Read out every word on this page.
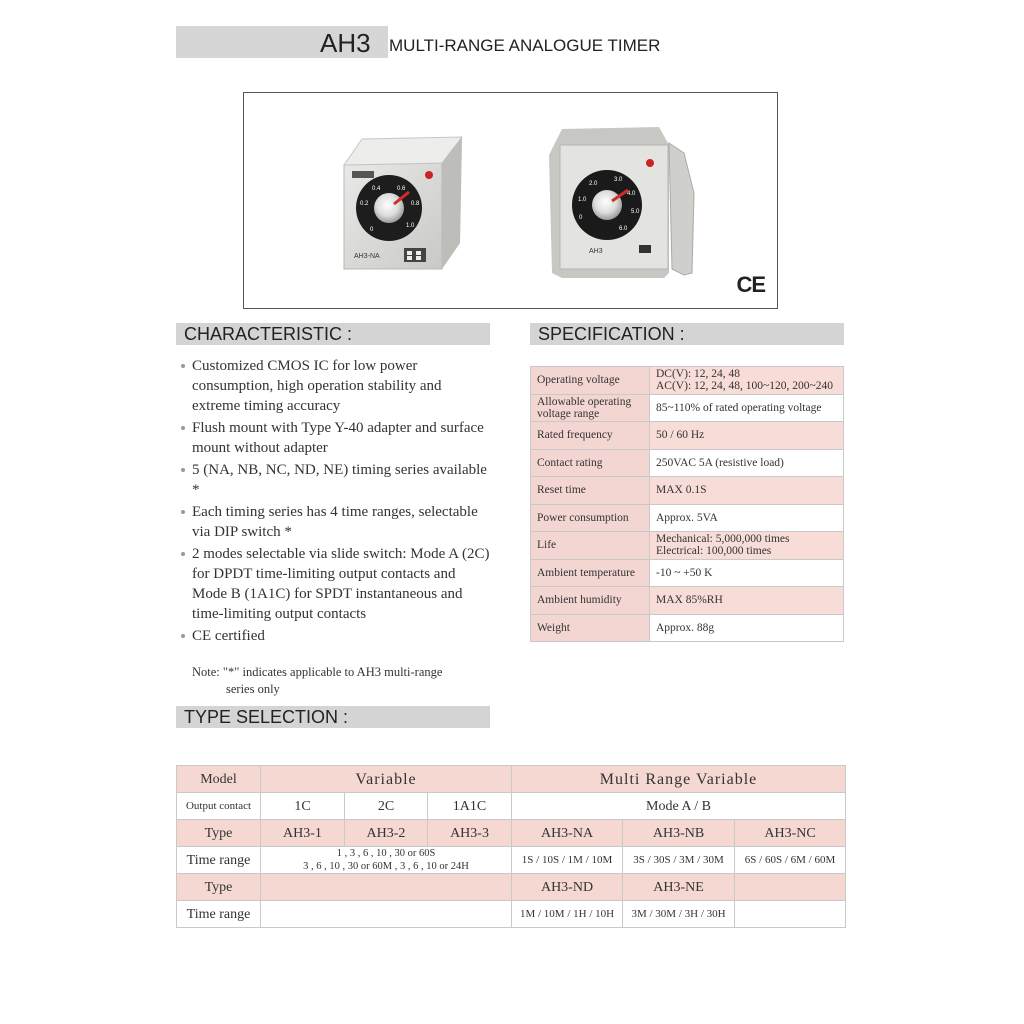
AH3 MULTI-RANGE ANALOGUE TIMER
0.4	0.6
0.2	0.8
0
1.0
AH3-NA
2.0
3.0
1.0
4.0
0
5.0
6.0
AH3
CE
CHARACTERISTIC :
Customized CMOS IC for low power consumption, high operation stability and extreme timing accuracy
Flush mount with Type Y-40 adapter and surface mount without adapter
5 (NA, NB, NC, ND, NE) timing series available *
Each timing series has 4 time ranges, selectable via DIP switch *
2 modes selectable via slide switch: Mode A (2C) for DPDT time-limiting output contacts and Mode B (1A1C) for SPDT instantaneous and time-limiting output contacts
CE certified
Note: "*" indicates applicable to AH3 multi-range
series only
SPECIFICATION :
Operating voltage	DC(V): 12, 24, 48
AC(V): 12, 24, 48, 100~120, 200~240

Allowable operating voltage range	85~110% of rated operating voltage

Rated frequency	50 / 60 Hz

Contact rating	250VAC 5A (resistive load)

Reset time	MAX 0.1S

Power consumption	Approx. 5VA

Life	Mechanical: 5,000,000 times
Electrical: 100,000 times

Ambient temperature	-10 ~ +50 K

Ambient humidity	MAX 85%RH

Weight	Approx. 88g
TYPE SELECTION :
Model	Variable			Multi Range Variable		
Output contact	1C	2C	1A1C	Mode A / B		
Type	AH3-1	AH3-2	AH3-3	AH3-NA	AH3-NB	AH3-NC
Time range	1 , 3 , 6 , 10 , 30 or 60S
3 , 6 , 10 , 30 or 60M , 3 , 6 , 10 or 24H			1S / 10S / 1M / 10M	3S / 30S / 3M / 30M	6S / 60S / 6M / 60M
Type				AH3-ND	AH3-NE	
Time range				1M / 10M / 1H / 10H	3M / 30M / 3H / 30H	
